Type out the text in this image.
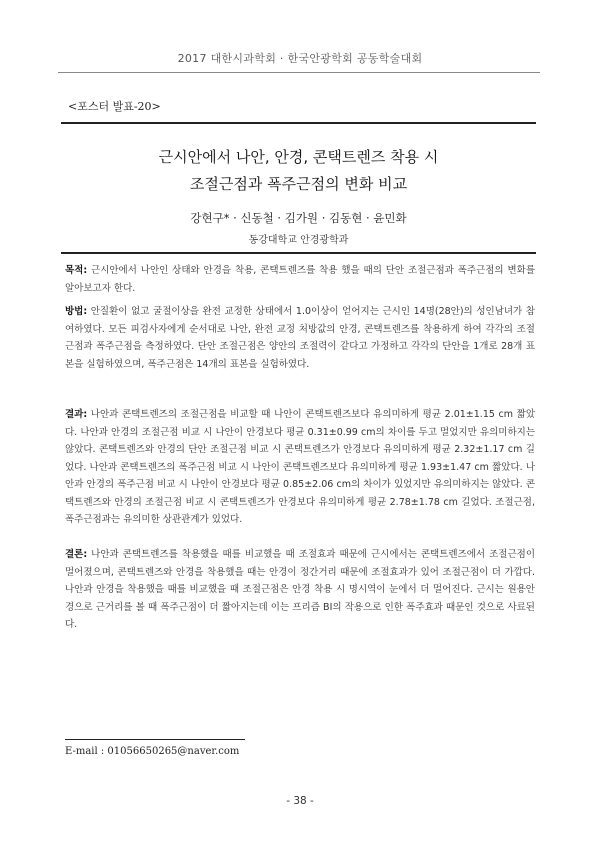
2017 대한시과학회 · 한국안광학회 공동학술대회
<포스터 발표-20>
근시안에서 나안, 안경, 콘택트렌즈 착용 시
조절근점과 폭주근점의 변화 비교
강현구* · 신동철 · 김가원 · 김동현 · 윤민화
동강대학교 안경광학과
목적: 근시안에서 나안인 상태와 안경을 착용, 콘택트렌즈를 착용 했을 때의 단안 조절근점과 폭주근점의 변화를 알아보고자 한다.
방법: 안질환이 없고 굴절이상을 완전 교정한 상태에서 1.0이상이 얻어지는 근시인 14명(28안)의 성인남녀가 참여하였다. 모든 피검사자에게 순서대로 나안, 완전 교정 처방값의 안경, 콘택트렌즈를 착용하게 하여 각각의 조절근점과 폭주근점을 측정하였다. 단안 조절근점은 양안의 조절력이 같다고 가정하고 각각의 단안을 1개로 28개 표본을 실험하였으며, 폭주근점은 14개의 표본을 실험하였다.
결과: 나안과 콘택트렌즈의 조절근점을 비교할 때 나안이 콘택트렌즈보다 유의미하게 평균 2.01±1.15 cm 짧았다. 나안과 안경의 조절근점 비교 시 나안이 안경보다 평균 0.31±0.99 cm의 차이를 두고 멀었지만 유의미하지는 않았다. 콘택트렌즈와 안경의 단안 조절근점 비교 시 콘택트렌즈가 안경보다 유의미하게 평균 2.32±1.17 cm 길었다. 나안과 콘택트렌즈의 폭주근점 비교 시 나안이 콘택트렌즈보다 유의미하게 평균 1.93±1.47 cm 짧았다. 나안과 안경의 폭주근점 비교 시 나안이 안경보다 평균 0.85±2.06 cm의 차이가 있었지만 유의미하지는 않았다. 콘택트렌즈와 안경의 조절근점 비교 시 콘택트렌즈가 안경보다 유의미하게 평균 2.78±1.78 cm 길었다. 조절근점, 폭주근점과는 유의미한 상관관계가 있었다.
결론: 나안과 콘택트렌즈를 착용했을 때를 비교했을 때 조절효과 때문에 근시에서는 콘택트렌즈에서 조절근점이 멀어졌으며, 콘택트렌즈와 안경을 착용했을 때는 안경이 정간거리 때문에 조절효과가 있어 조절근점이 더 가깝다. 나안과 안경을 착용했을 때를 비교했을 때 조절근점은 안경 착용 시 명시역이 눈에서 더 멀어진다. 근시는 원용안경으로 근거리를 볼 때 폭주근점이 더 짧아지는데 이는 프리즘 BI의 작용으로 인한 폭주효과 때문인 것으로 사료된다.
E-mail : 01056650265@naver.com
- 38 -
